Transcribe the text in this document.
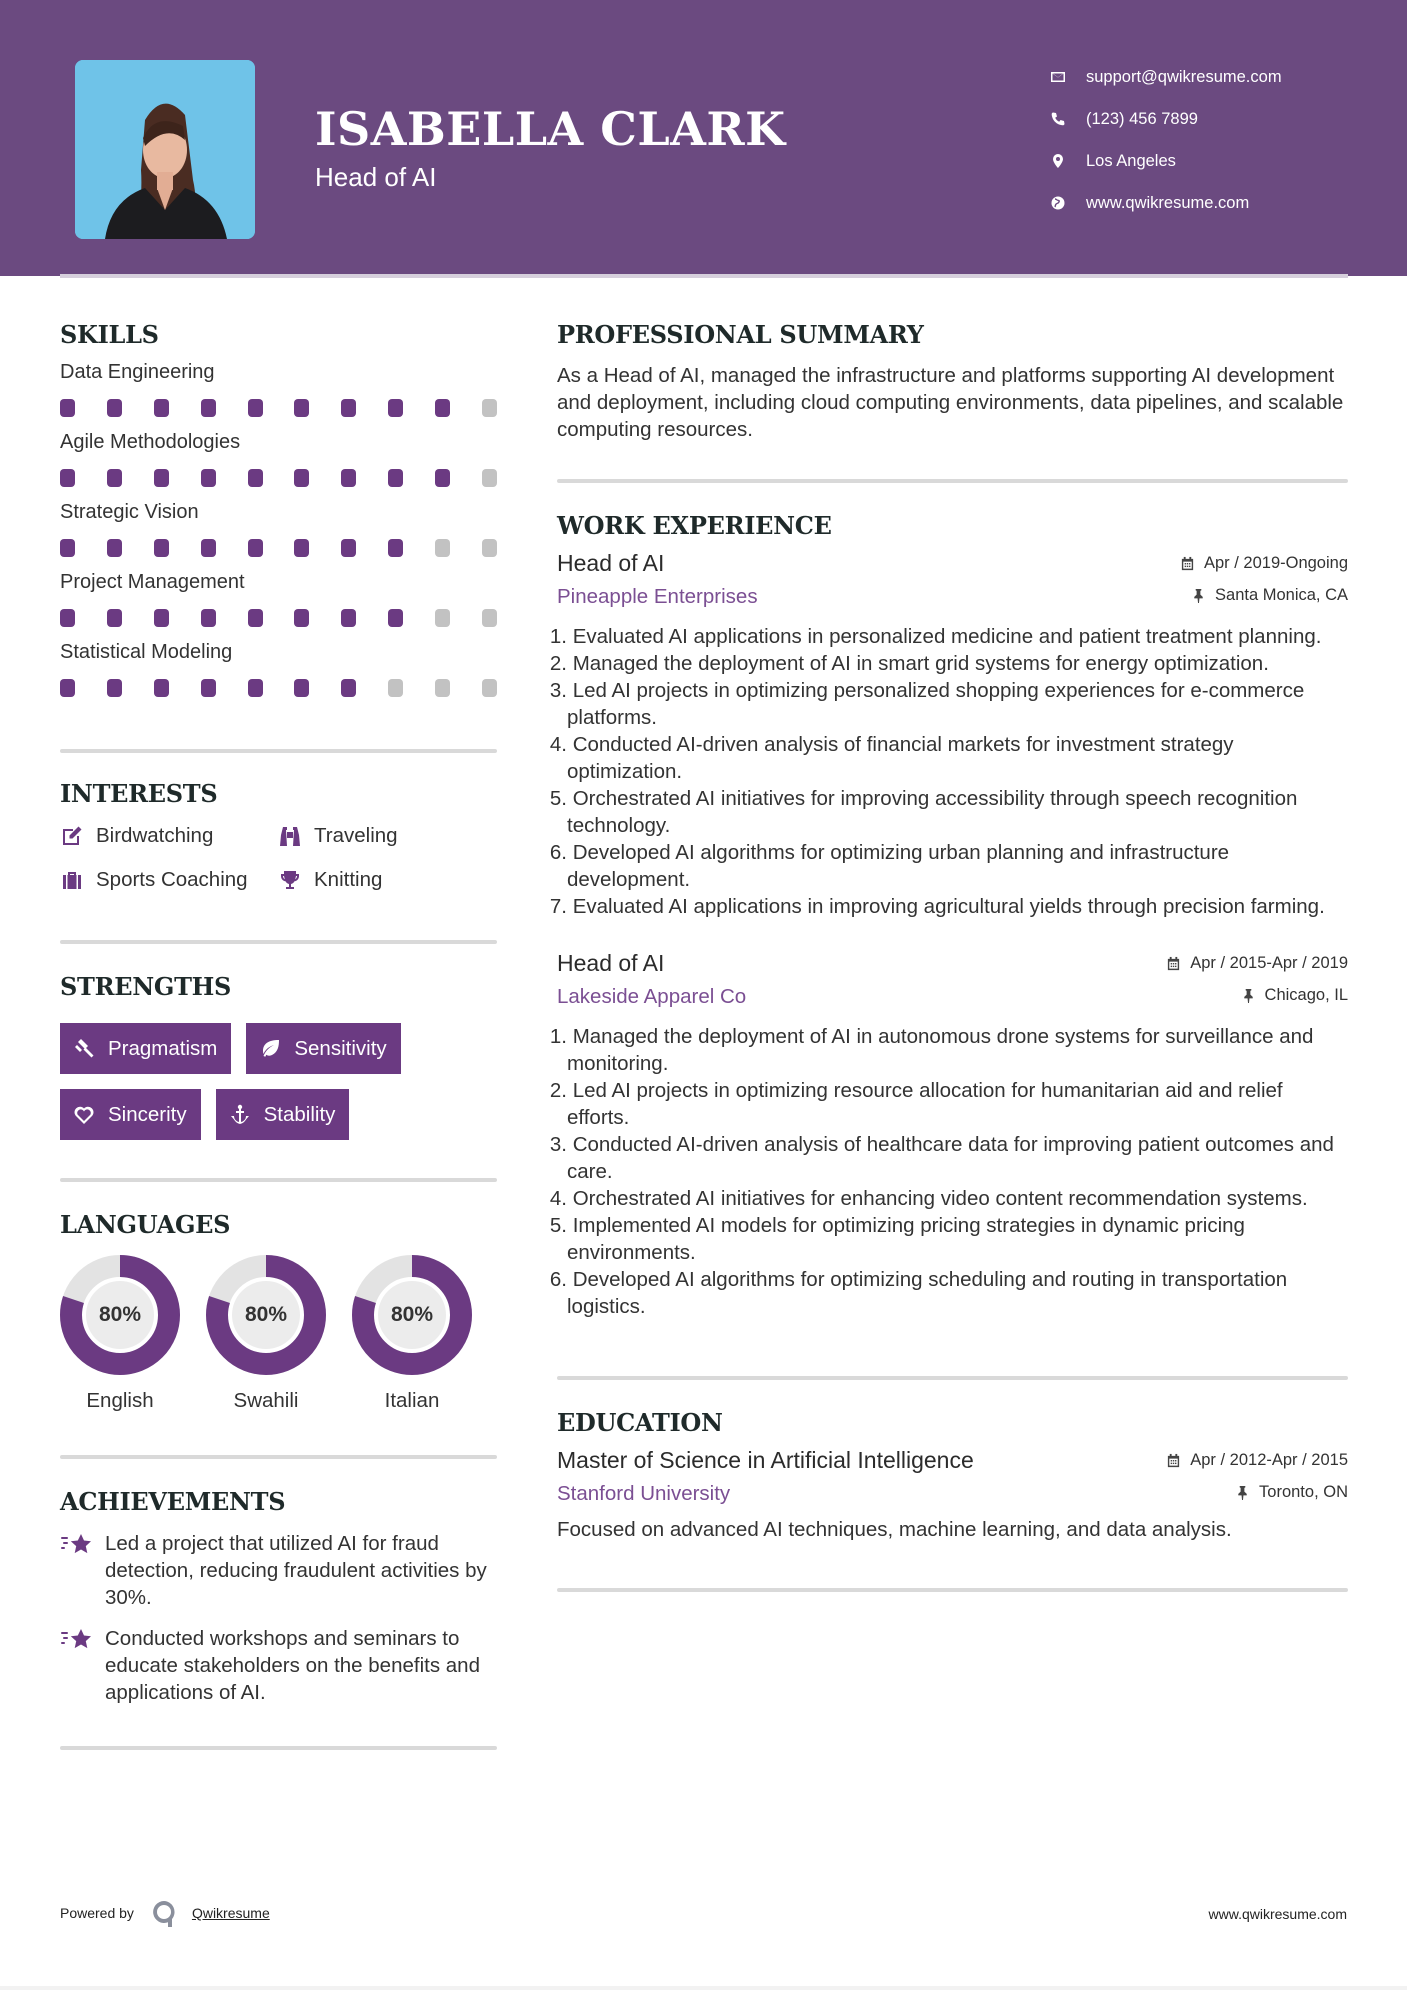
ISABELLA CLARK
Head of AI
support@qwikresume.com
(123) 456 7899
Los Angeles
www.qwikresume.com
SKILLS
Data Engineering
Agile Methodologies
Strategic Vision
Project Management
Statistical Modeling
INTERESTS
Birdwatching	Traveling
Sports Coaching	Knitting
STRENGTHS
Pragmatism	Sensitivity
Sincerity	Stability
LANGUAGES
80%
English
80%
Swahili
80%
Italian
ACHIEVEMENTS
Led a project that utilized AI for fraud detection, reducing fraudulent activities by 30%.
Conducted workshops and seminars to educate stakeholders on the benefits and applications of AI.
PROFESSIONAL SUMMARY
As a Head of AI, managed the infrastructure and platforms supporting AI development and deployment, including cloud computing environments, data pipelines, and scalable computing resources.
WORK EXPERIENCE
Head of AI	Apr / 2019-Ongoing
Pineapple Enterprises	Santa Monica, CA
1. Evaluated AI applications in personalized medicine and patient treatment planning.
2. Managed the deployment of AI in smart grid systems for energy optimization.
3. Led AI projects in optimizing personalized shopping experiences for e-commerce platforms.
4. Conducted AI-driven analysis of financial markets for investment strategy optimization.
5. Orchestrated AI initiatives for improving accessibility through speech recognition technology.
6. Developed AI algorithms for optimizing urban planning and infrastructure development.
7. Evaluated AI applications in improving agricultural yields through precision farming.
Head of AI	Apr / 2015-Apr / 2019
Lakeside Apparel Co	Chicago, IL
1. Managed the deployment of AI in autonomous drone systems for surveillance and monitoring.
2. Led AI projects in optimizing resource allocation for humanitarian aid and relief efforts.
3. Conducted AI-driven analysis of healthcare data for improving patient outcomes and care.
4. Orchestrated AI initiatives for enhancing video content recommendation systems.
5. Implemented AI models for optimizing pricing strategies in dynamic pricing environments.
6. Developed AI algorithms for optimizing scheduling and routing in transportation logistics.
EDUCATION
Master of Science in Artificial Intelligence	Apr / 2012-Apr / 2015
Stanford University	Toronto, ON
Focused on advanced AI techniques, machine learning, and data analysis.
Powered by	Qwikresume	www.qwikresume.com
